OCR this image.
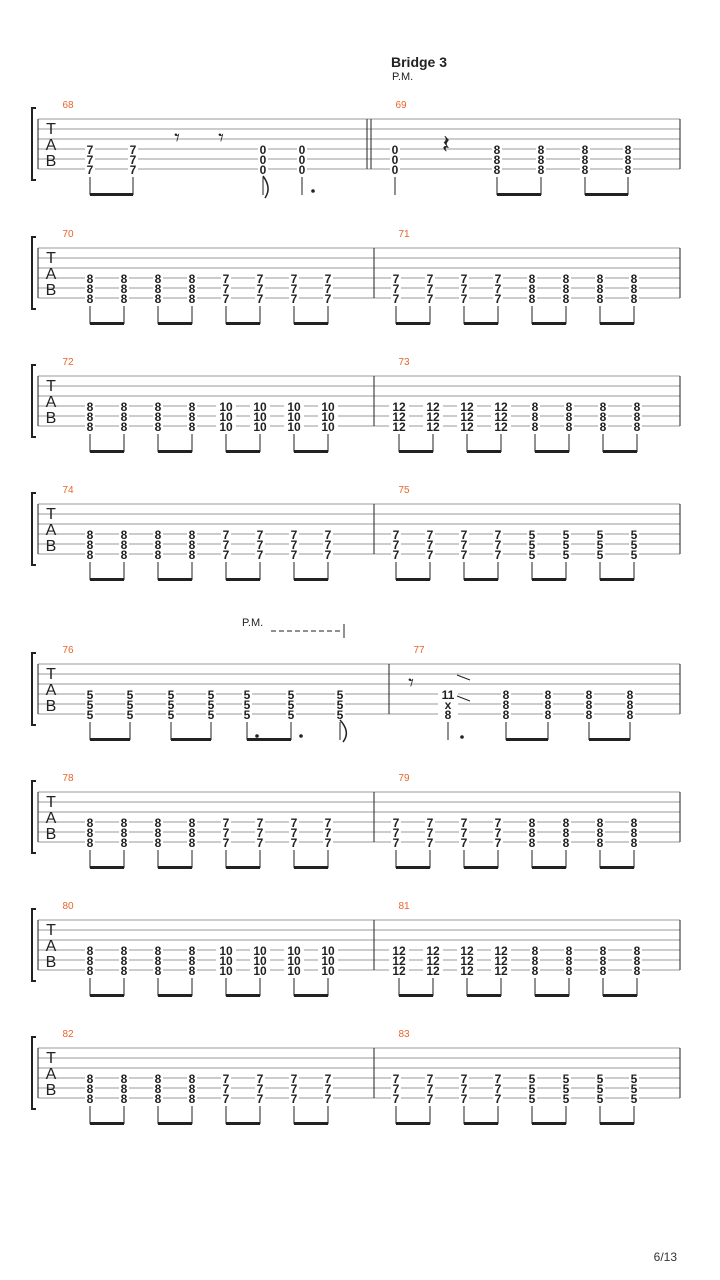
Bridge 3
P.M.
T
A
B
68
7
7
7
7
7
7
𝄾 𝄾	0
0
0
0
0
0
69
0
0
0
𝄽	8
8
8
8
8
8
8
8
8
8
8
8
T
A
B
70
8
8
8
8
8
8
8
8
8
8
8
8
7
7
7
7
7
7
7
7
7
7
7
7
71
7
7
7
7
7
7
7
7
7
7
7
7
8
8
8
8
8
8
8
8
8
8
8
8
T
A
B
72
8
8
8
8
8
8
8
8
8
8
8
8
10
10
10
10
10
10
10
10
10
10
10
10
73
12
12
12
12
12
12
12
12
12
12
12
12
8
8
8
8
8
8
8
8
8
8
8
8
T
A
B
74
8
8
8
8
8
8
8
8
8
8
8
8
7
7
7
7
7
7
7
7
7
7
7
7
75
7
7
7
7
7
7
7
7
7
7
7
7
5
5
5
5
5
5
5
5
5
5
5
5
T
A
B
76
5
5
5
5
5
5
5
5
5
5
5
5
5
5
5
5
5
5
5
5
5
77
𝄾 11
x
8
8
8
8
8
8
8
8
8
8
8
8
8
T
A
B
78
8
8
8
8
8
8
8
8
8
8
8
8
7
7
7
7
7
7
7
7
7
7
7
7
79
7
7
7
7
7
7
7
7
7
7
7
7
8
8
8
8
8
8
8
8
8
8
8
8
T
A
B
80
8
8
8
8
8
8
8
8
8
8
8
8
10
10
10
10
10
10
10
10
10
10
10
10
81
12
12
12
12
12
12
12
12
12
12
12
12
8
8
8
8
8
8
8
8
8
8
8
8
T
A
B
82
8
8
8
8
8
8
8
8
8
8
8
8
7
7
7
7
7
7
7
7
7
7
7
7
83
7
7
7
7
7
7
7
7
7
7
7
7
5
5
5
5
5
5
5
5
5
5
5
5
P.M.
6/13
